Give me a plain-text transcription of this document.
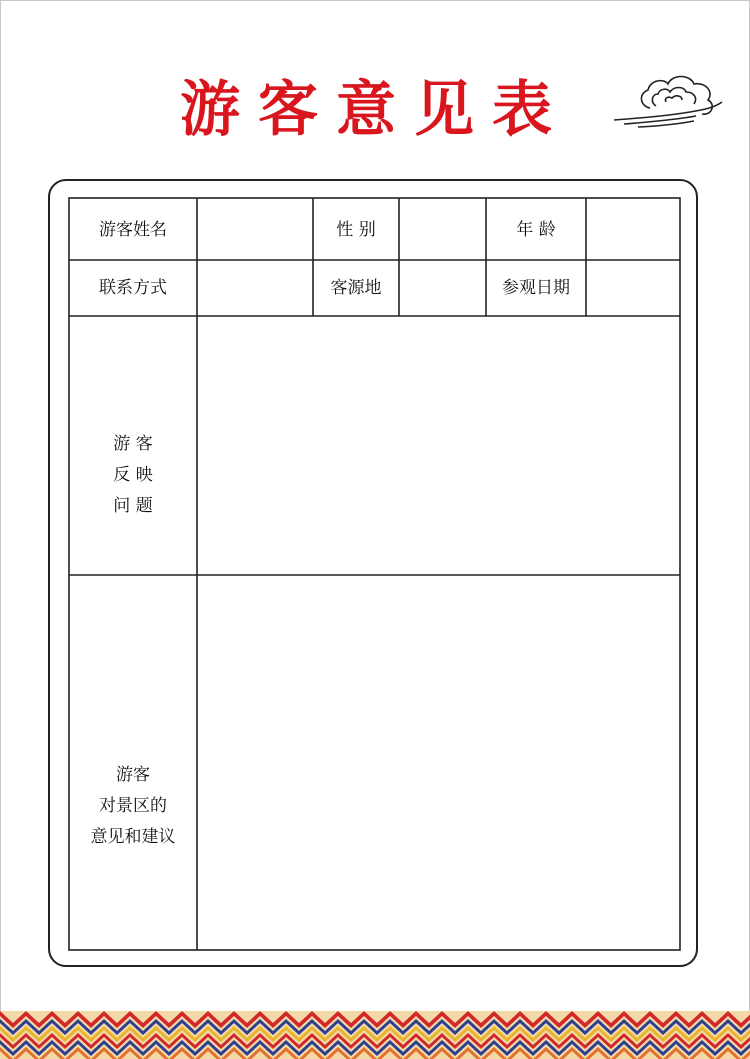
游客意见表
游客姓名	性 别	年 龄
联系方式	客源地	参观日期
游 客
反 映
问 题
游客
对景区的
意见和建议
